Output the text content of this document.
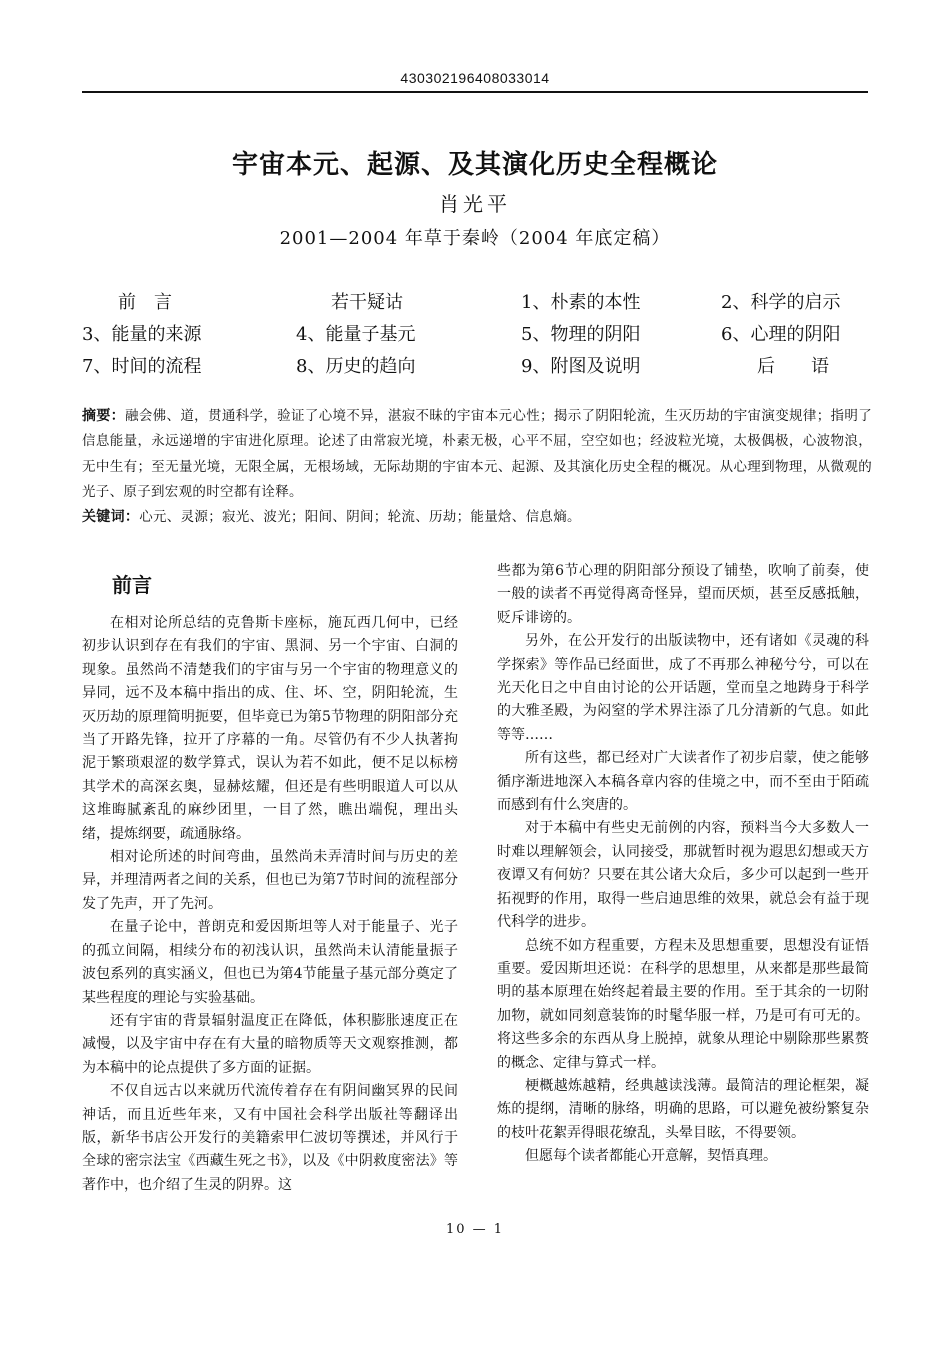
430302196408033014
宇宙本元、起源、及其演化历史全程概论
肖光平
2001—2004 年草于秦岭（2004 年底定稿）
前　言	若干疑诂	1、朴素的本性	2、科学的启示
3、能量的来源	4、能量子基元	5、物理的阴阳	6、心理的阴阳
7、时间的流程	8、历史的趋向	9、附图及说明	后　　语
摘要：融会佛、道，贯通科学，验证了心境不异，湛寂不昧的宇宙本元心性；揭示了阴阳轮流，生灭历劫的宇宙演变规律；指明了信息能量，永远递增的宇宙进化原理。论述了由常寂光境，朴素无极，心平不屈，空空如也；经波粒光境，太极偶极，心波物浪，无中生有；至无量光境，无限全属，无根场域，无际劫期的宇宙本元、起源、及其演化历史全程的概况。从心理到物理，从微观的光子、原子到宏观的时空都有诠释。
关键词：心元、灵源；寂光、波光；阳间、阴间；轮流、历劫；能量焓、信息熵。
前言

在相对论所总结的克鲁斯卡座标，施瓦西几何中，已经初步认识到存在有我们的宇宙、黑洞、另一个宇宙、白洞的现象。虽然尚不清楚我们的宇宙与另一个宇宙的物理意义的异同，远不及本稿中指出的成、住、坏、空，阴阳轮流，生灭历劫的原理简明扼要，但毕竟已为第5节物理的阴阳部分充当了开路先锋，拉开了序幕的一角。尽管仍有不少人执著拘泥于繁琐艰涩的数学算式，误认为若不如此，便不足以标榜其学术的高深玄奥，显赫炫耀，但还是有些明眼道人可以从这堆晦腻紊乱的麻纱团里，一目了然，瞧出端倪，理出头绪，提炼纲要，疏通脉络。

相对论所述的时间弯曲，虽然尚未弄清时间与历史的差异，并理清两者之间的关系，但也已为第7节时间的流程部分发了先声，开了先河。

在量子论中，普朗克和爱因斯坦等人对于能量子、光子的孤立间隔，相续分布的初浅认识，虽然尚未认清能量振子波包系列的真实涵义，但也已为第4节能量子基元部分奠定了某些程度的理论与实验基础。

还有宇宙的背景辐射温度正在降低，体积膨胀速度正在减慢，以及宇宙中存在有大量的暗物质等天文观察推测，都为本稿中的论点提供了多方面的证据。

不仅自远古以来就历代流传着存在有阴间幽冥界的民间神话，而且近些年来，又有中国社会科学出版社等翻译出版，新华书店公开发行的美籍索甲仁波切等撰述，并风行于全球的密宗法宝《西藏生死之书》，以及《中阴救度密法》等著作中，也介绍了生灵的阴界。这

些都为第6节心理的阴阳部分预设了铺垫，吹响了前奏，使一般的读者不再觉得离奇怪异，望而厌烦，甚至反感抵触，贬斥诽谤的。

另外，在公开发行的出版读物中，还有诸如《灵魂的科学探索》等作品已经面世，成了不再那么神秘兮兮，可以在光天化日之中自由讨论的公开话题，堂而皇之地踌身于科学的大雅圣殿，为闷窒的学术界注添了几分清新的气息。如此等等……

所有这些，都已经对广大读者作了初步启蒙，使之能够循序渐进地深入本稿各章内容的佳境之中，而不至由于陌疏而感到有什么突唐的。

对于本稿中有些史无前例的内容，预料当今大多数人一时难以理解领会，认同接受，那就暂时视为遐思幻想或天方夜谭又有何妨？只要在其公诸大众后，多少可以起到一些开拓视野的作用，取得一些启迪思维的效果，就总会有益于现代科学的进步。

总统不如方程重要，方程未及思想重要，思想没有证悟重要。爱因斯坦还说：在科学的思想里，从来都是那些最简明的基本原理在始终起着最主要的作用。至于其余的一切附加物，就如同刻意装饰的时髦华服一样，乃是可有可无的。将这些多余的东西从身上脱掉，就象从理论中剔除那些累赘的概念、定律与算式一样。

梗概越炼越精，经典越读浅薄。最简洁的理论框架，凝炼的提纲，清晰的脉络，明确的思路，可以避免被纷繁复杂的枝叶花絮弄得眼花缭乱，头晕目眩，不得要领。

但愿每个读者都能心开意解，契悟真理。

10 — 1
